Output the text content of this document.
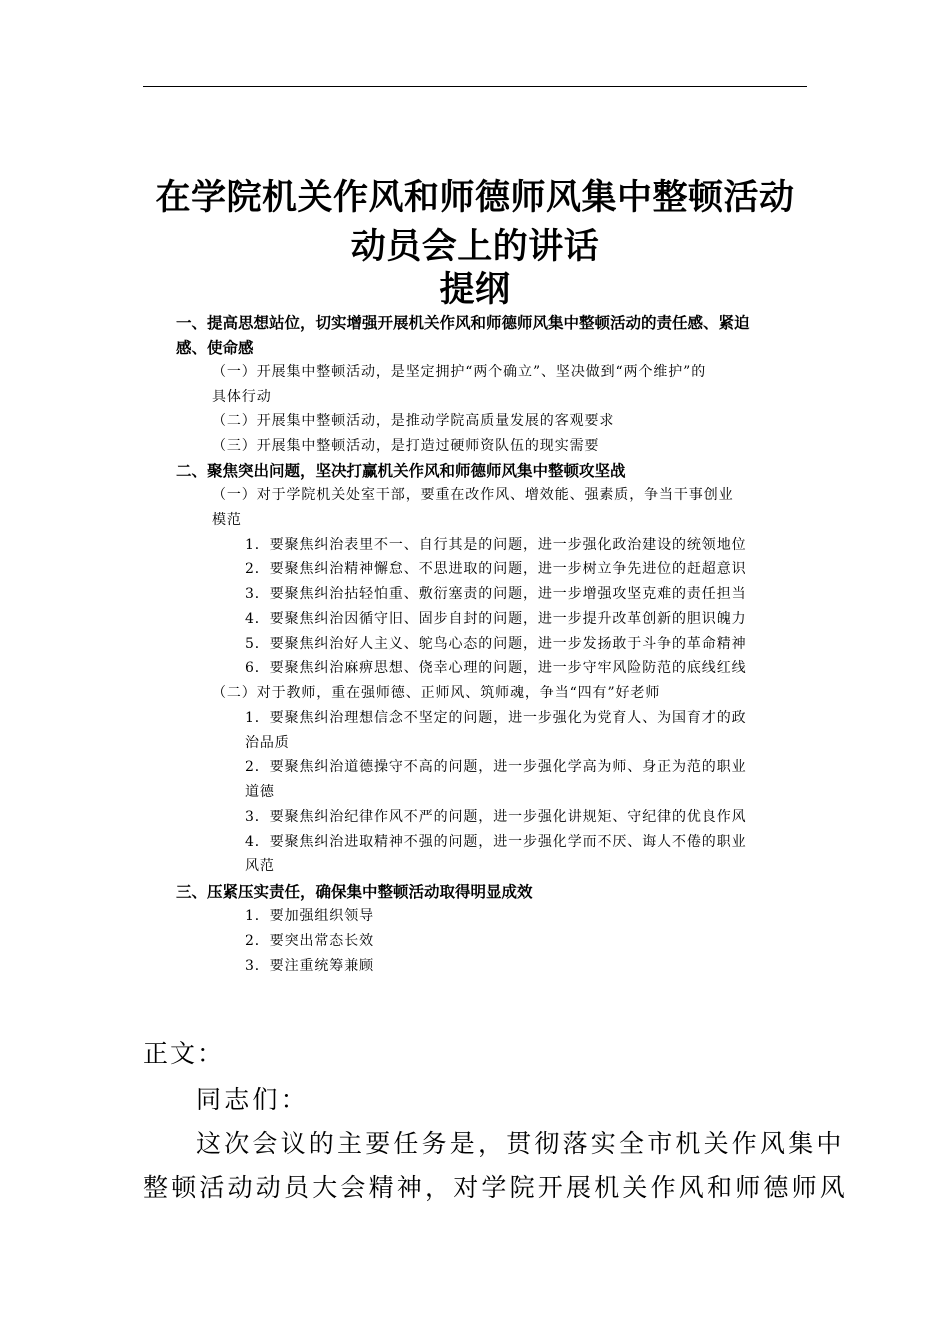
在学院机关作风和师德师风集中整顿活动
动员会上的讲话
提纲
一、提高思想站位，切实增强开展机关作风和师德师风集中整顿活动的责任感、紧迫
感、使命感
（一）开展集中整顿活动，是坚定拥护“两个确立”、坚决做到“两个维护”的
具体行动
（二）开展集中整顿活动，是推动学院高质量发展的客观要求
（三）开展集中整顿活动，是打造过硬师资队伍的现实需要
二、聚焦突出问题，坚决打赢机关作风和师德师风集中整顿攻坚战
（一）对于学院机关处室干部，要重在改作风、增效能、强素质，争当干事创业
模范
1．要聚焦纠治表里不一、自行其是的问题，进一步强化政治建设的统领地位
2．要聚焦纠治精神懈怠、不思进取的问题，进一步树立争先进位的赶超意识
3．要聚焦纠治拈轻怕重、敷衍塞责的问题，进一步增强攻坚克难的责任担当
4．要聚焦纠治因循守旧、固步自封的问题，进一步提升改革创新的胆识魄力
5．要聚焦纠治好人主义、鸵鸟心态的问题，进一步发扬敢于斗争的革命精神
6．要聚焦纠治麻痹思想、侥幸心理的问题，进一步守牢风险防范的底线红线
（二）对于教师，重在强师德、正师风、筑师魂，争当“四有”好老师
1．要聚焦纠治理想信念不坚定的问题，进一步强化为党育人、为国育才的政
治品质
2．要聚焦纠治道德操守不高的问题，进一步强化学高为师、身正为范的职业
道德
3．要聚焦纠治纪律作风不严的问题，进一步强化讲规矩、守纪律的优良作风
4．要聚焦纠治进取精神不强的问题，进一步强化学而不厌、诲人不倦的职业
风范
三、压紧压实责任，确保集中整顿活动取得明显成效
1．要加强组织领导
2．要突出常态长效
3．要注重统筹兼顾
正文：
同志们：
这次会议的主要任务是，贯彻落实全市机关作风集中
整顿活动动员大会精神，对学院开展机关作风和师德师风
